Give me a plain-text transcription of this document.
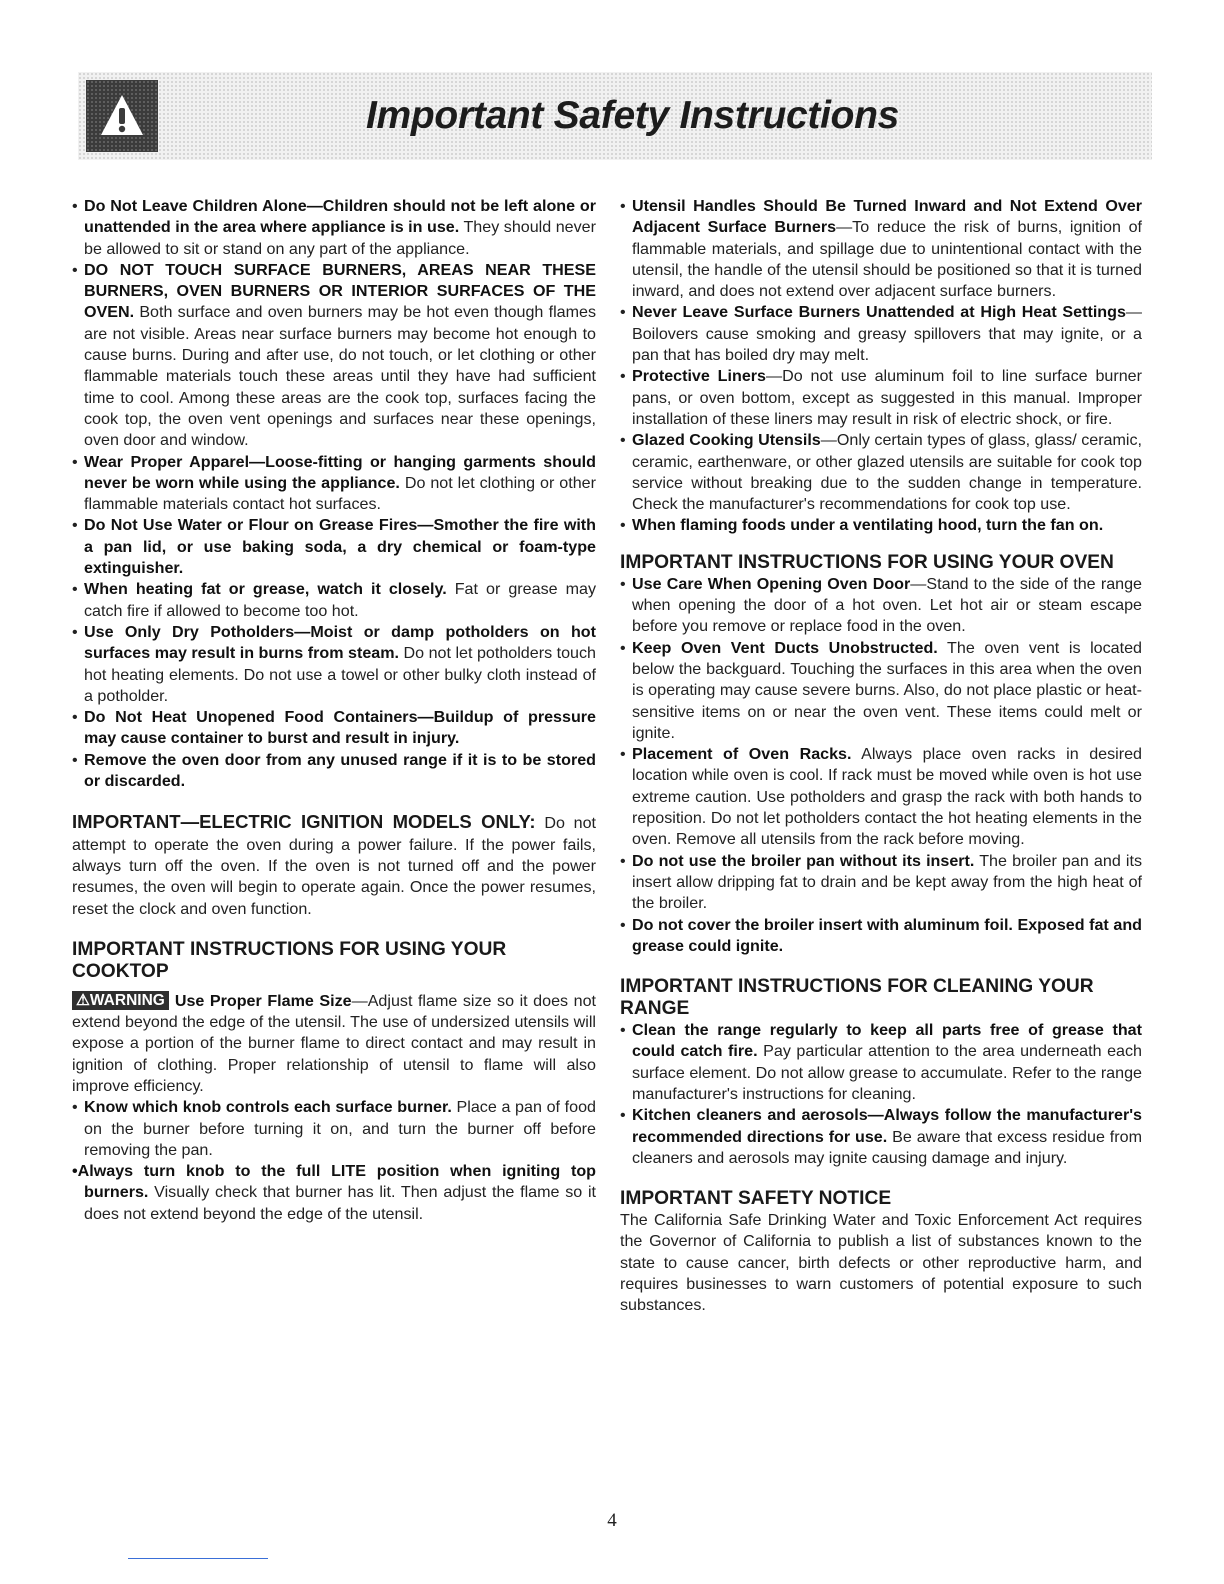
Important Safety Instructions

• Do Not Leave Children Alone—Children should not be left alone or unattended in the area where appliance is in use. They should never be allowed to sit or stand on any part of the appliance.

• DO NOT TOUCH SURFACE BURNERS, AREAS NEAR THESE BURNERS, OVEN BURNERS OR INTERIOR SURFACES OF THE OVEN. Both surface and oven burners may be hot even though flames are not visible. Areas near surface burners may become hot enough to cause burns. During and after use, do not touch, or let clothing or other flammable materials touch these areas until they have had sufficient time to cool. Among these areas are the cook top, surfaces facing the cook top, the oven vent openings and surfaces near these openings, oven door and window.

• Wear Proper Apparel—Loose-fitting or hanging garments should never be worn while using the appliance. Do not let clothing or other flammable materials contact hot surfaces.

• Do Not Use Water or Flour on Grease Fires—Smother the fire with a pan lid, or use baking soda, a dry chemical or foam-type extinguisher.

• When heating fat or grease, watch it closely. Fat or grease may catch fire if allowed to become too hot.

• Use Only Dry Potholders—Moist or damp potholders on hot surfaces may result in burns from steam. Do not let potholders touch hot heating elements. Do not use a towel or other bulky cloth instead of a potholder.

• Do Not Heat Unopened Food Containers—Buildup of pressure may cause container to burst and result in injury.

• Remove the oven door from any unused range if it is to be stored or discarded.

IMPORTANT—ELECTRIC IGNITION MODELS ONLY: Do not attempt to operate the oven during a power failure. If the power fails, always turn off the oven. If the oven is not turned off and the power resumes, the oven will begin to operate again. Once the power resumes, reset the clock and oven function.

IMPORTANT INSTRUCTIONS FOR USING YOUR COOKTOP

⚠WARNING Use Proper Flame Size—Adjust flame size so it does not extend beyond the edge of the utensil. The use of undersized utensils will expose a portion of the burner flame to direct contact and may result in ignition of clothing. Proper relationship of utensil to flame will also improve efficiency.

• Know which knob controls each surface burner. Place a pan of food on the burner before turning it on, and turn the burner off before removing the pan.

•Always turn knob to the full LITE position when igniting top burners. Visually check that burner has lit. Then adjust the flame so it does not extend beyond the edge of the utensil.

• Utensil Handles Should Be Turned Inward and Not Extend Over Adjacent Surface Burners—To reduce the risk of burns, ignition of flammable materials, and spillage due to unintentional contact with the utensil, the handle of the utensil should be positioned so that it is turned inward, and does not extend over adjacent surface burners.

• Never Leave Surface Burners Unattended at High Heat Settings—Boilovers cause smoking and greasy spillovers that may ignite, or a pan that has boiled dry may melt.

• Protective Liners—Do not use aluminum foil to line surface burner pans, or oven bottom, except as suggested in this manual. Improper installation of these liners may result in risk of electric shock, or fire.

• Glazed Cooking Utensils—Only certain types of glass, glass/ ceramic, ceramic, earthenware, or other glazed utensils are suitable for cook top service without breaking due to the sudden change in temperature. Check the manufacturer's recommendations for cook top use.

• When flaming foods under a ventilating hood, turn the fan on.

IMPORTANT INSTRUCTIONS FOR USING YOUR OVEN

• Use Care When Opening Oven Door—Stand to the side of the range when opening the door of a hot oven. Let hot air or steam escape before you remove or replace food in the oven.

• Keep Oven Vent Ducts Unobstructed. The oven vent is located below the backguard. Touching the surfaces in this area when the oven is operating may cause severe burns. Also, do not place plastic or heat-sensitive items on or near the oven vent. These items could melt or ignite.

• Placement of Oven Racks. Always place oven racks in desired location while oven is cool. If rack must be moved while oven is hot use extreme caution. Use potholders and grasp the rack with both hands to reposition. Do not let potholders contact the hot heating elements in the oven. Remove all utensils from the rack before moving.

• Do not use the broiler pan without its insert. The broiler pan and its insert allow dripping fat to drain and be kept away from the high heat of the broiler.

• Do not cover the broiler insert with aluminum foil. Exposed fat and grease could ignite.

IMPORTANT INSTRUCTIONS FOR CLEANING YOUR RANGE

• Clean the range regularly to keep all parts free of grease that could catch fire. Pay particular attention to the area underneath each surface element. Do not allow grease to accumulate. Refer to the range manufacturer's instructions for cleaning.

• Kitchen cleaners and aerosols—Always follow the manufacturer's recommended directions for use. Be aware that excess residue from cleaners and aerosols may ignite causing damage and injury.

IMPORTANT SAFETY NOTICE

The California Safe Drinking Water and Toxic Enforcement Act requires the Governor of California to publish a list of substances known to the state to cause cancer, birth defects or other reproductive harm, and requires businesses to warn customers of potential exposure to such substances.

4
